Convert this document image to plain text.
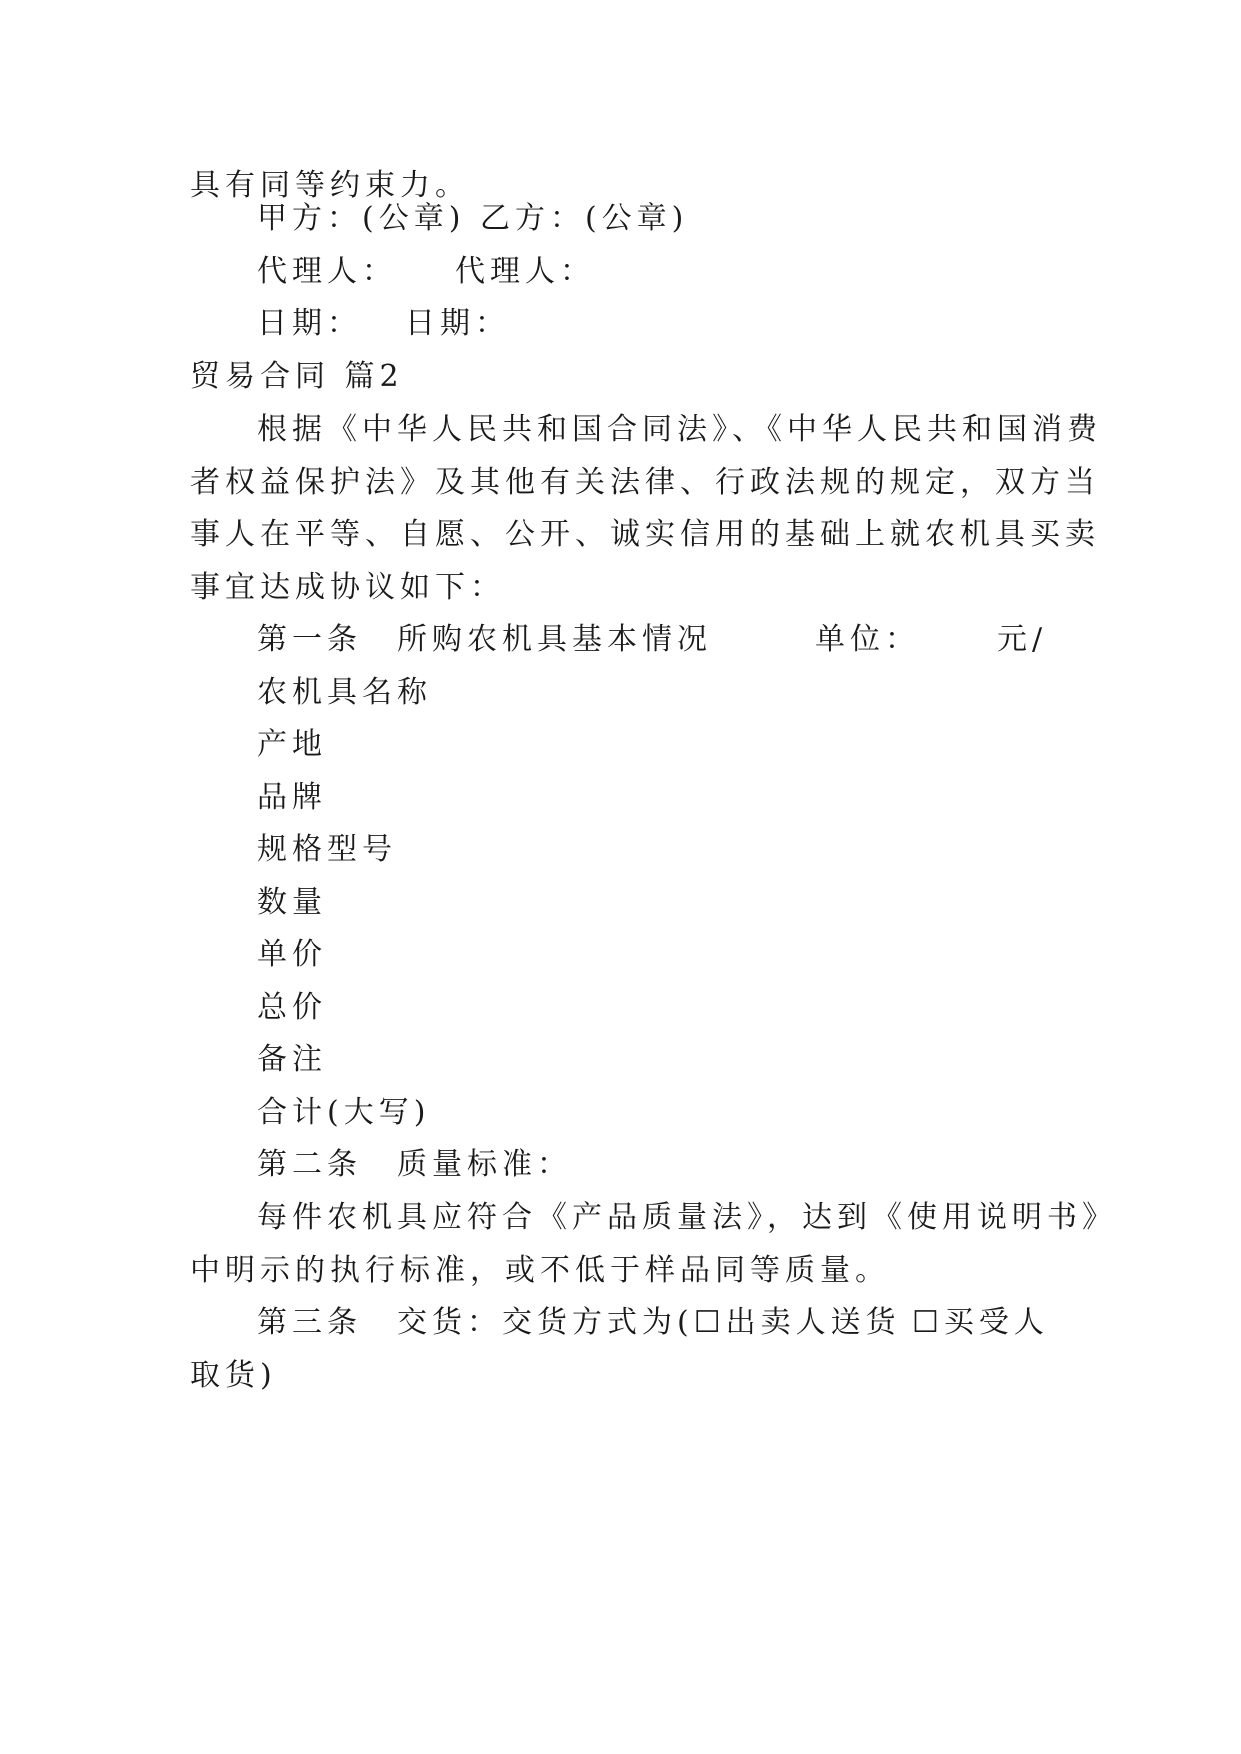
具有同等约束力。
甲方：(公章) 乙方：(公章)
代理人： 代理人：
日期： 日期：
贸易合同 篇2
根据《中华人民共和国合同法》、《中华人民共和国消费
者权益保护法》及其他有关法律、行政法规的规定，双方当
事人在平等、自愿、公开、诚实信用的基础上就农机具买卖
事宜达成协议如下：
第一条　所购农机具基本情况	单位：	元/
农机具名称
产地
品牌
规格型号
数量
单价
总价
备注
合计(大写)
第二条　质量标准：
每件农机具应符合《产品质量法》，达到《使用说明书》
中明示的执行标准，或不低于样品同等质量。
第三条　交货：交货方式为(☐出卖人送货 ☐买受人
取货)
